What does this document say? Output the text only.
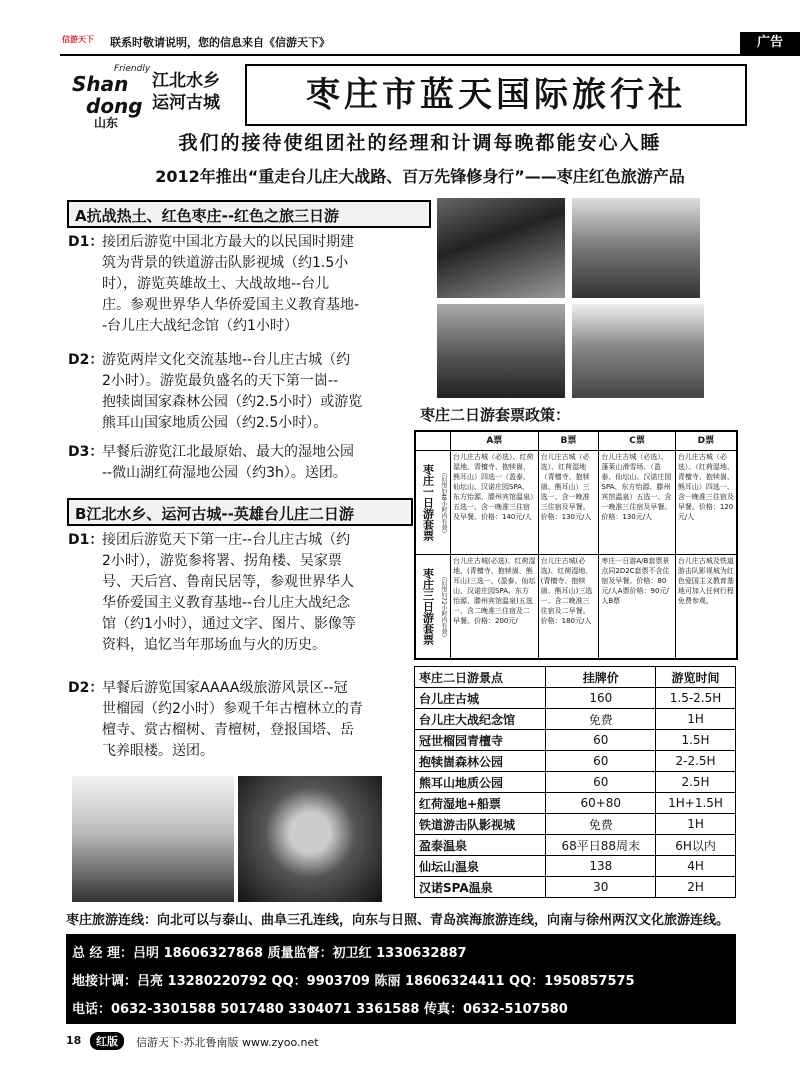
信游天下	联系时敬请说明，您的信息来自《信游天下》	广告
Friendly
Shan
dong
山东
江北水乡
运河古城	枣庄市蓝天国际旅行社
我们的接待使组团社的经理和计调每晚都能安心入睡
2012年推出“重走台儿庄大战路、百万先锋修身行”——枣庄红色旅游产品
A抗战热土、红色枣庄--红色之旅三日游
D1：
接团后游览中国北方最大的以民国时期建
筑为背景的铁道游击队影视城（约1.5小
时），游览英雄故土、大战故地--台儿
庄。参观世界华人华侨爱国主义教育基地-
-台儿庄大战纪念馆（约1小时）
D2：
游览两岸文化交流基地--台儿庄古城（约
2小时）。游览最负盛名的天下第一崮--
抱犊崮国家森林公园（约2.5小时）或游览
熊耳山国家地质公园（约2.5小时）。
D3：
早餐后游览江北最原始、最大的湿地公园
--微山湖红荷湿地公园（约3h）。送团。
B江北水乡、运河古城--英雄台儿庄二日游
D1：
接团后游览天下第一庄--台儿庄古城（约
2小时），游览参将署、拐角楼、吴家票
号、天后宫、鲁南民居等，参观世界华人
华侨爱国主义教育基地--台儿庄大战纪念
馆（约1小时），通过文字、图片、影像等
资料，追忆当年那场血与火的历史。
D2：
早餐后游览国家AAAA级旅游风景区--冠
世榴园（约2小时）参观千年古檀林立的青
檀寺、赏古榴树、青檀树，登报国塔、岳
飞养眼楼。送团。
枣庄二日游套票政策：
	A票	B票	C票	D票

枣庄一日游套票 （启用后48小时内有效）	台儿庄古城（必选）、红荷湿地、青檀寺、抱犊崮、熊耳山）四选一（盈泰、仙坛山、汉诺庄园SPA、东方怡源、滕州宾馆温泉）五选一、含一晚准三住宿及早餐。价格：140元/人	台儿庄古城（必选）、红荷湿地（青檀寺、抱犊崮、熊耳山）三选一、含一晚准三住宿及早餐。价格：130元/人	台儿庄古城（必选）、蓬莱山滑雪场、（盈泰、仙坛山、汉诺庄园SPA、东方怡源、滕州宾馆温泉）五选一、含一晚准三住宿及早餐。价格：130元/人	台儿庄古城（必选）、（红荷湿地、青檀寺、抱犊崮、熊耳山）四选一、含一晚准三住宿及早餐。价格：120元/人

枣庄三日游套票 （启用后72小时内有效）	台儿庄古城(必选)、红荷湿地、(青檀寺、抱犊崮、熊耳山)三选一、(盈泰、仙坛山、汉诺庄园SPA、东方怡源、滕州宾馆温泉)五选一、含二晚准三住宿及二早餐。价格：200元/	台儿庄古城(必选)、红荷湿地、(青檀寺、抱犊崮、熊耳山)三选一、含二晚准三住宿及二早餐。价格：180元/人	枣庄一日游A/B套票景点同2D2C套票不含住宿及早餐。价格：80元/人A票价格：90元/人B票	台儿庄古城及铁道游击队影视城为红色爱国主义教育基地可加入任何行程免费参观。
枣庄二日游景点	挂牌价	游览时间
台儿庄古城	160	1.5-2.5H
台儿庄大战纪念馆	免费	1H
冠世榴园青檀寺	60	1.5H
抱犊崮森林公园	60	2-2.5H
熊耳山地质公园	60	2.5H
红荷湿地+船票	60+80	1H+1.5H
铁道游击队影视城	免费	1H
盈泰温泉	68平日88周末	6H以内
仙坛山温泉	138	4H
汉诺SPA温泉	30	2H
枣庄旅游连线：向北可以与泰山、曲阜三孔连线，向东与日照、青岛滨海旅游连线，向南与徐州两汉文化旅游连线。
总 经 理：吕明 18606327868 质量监督：初卫红 1330632887
地接计调：吕亮 13280220792 QQ：9903709 陈丽 18606324411 QQ：1950857575
电话：0632-3301588 5017480 3304071 3361588 传真：0632-5107580
18	红版	信游天下·苏北鲁南版 www.zyoo.net
